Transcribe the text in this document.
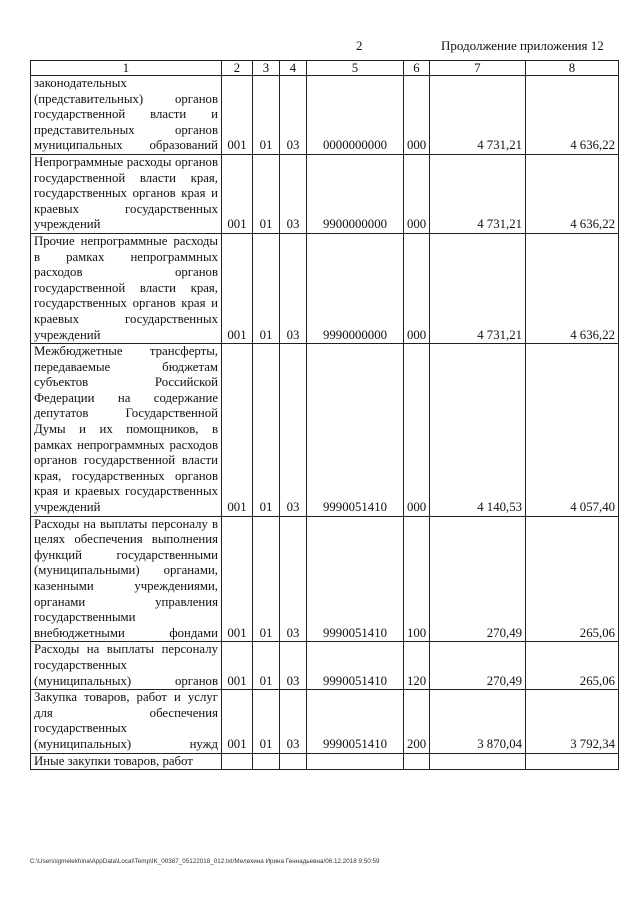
2	Продолжение приложения 12
1	2	3	4	5	6	7	8
законодательных (представительных) органов государственной власти и представительных органов муниципальных образований	001	01	03	0000000000	000	4 731,21	4 636,22
Непрограммные расходы органов государственной власти края, государственных органов края и краевых государственных учреждений	001	01	03	9900000000	000	4 731,21	4 636,22
Прочие непрограммные расходы в рамках непрограммных расходов органов государственной власти края, государственных органов края и краевых государственных учреждений	001	01	03	9990000000	000	4 731,21	4 636,22
Межбюджетные трансферты, передаваемые бюджетам субъектов Российской Федерации на содержание депутатов Государственной Думы и их помощников, в рамках непрограммных расходов органов государственной власти края, государственных органов края и краевых государственных учреждений	001	01	03	9990051410	000	4 140,53	4 057,40
Расходы на выплаты персоналу в целях обеспечения выполнения функций государственными (муниципальными) органами, казенными учреждениями, органами управления государственными внебюджетными фондами	001	01	03	9990051410	100	270,49	265,06
Расходы на выплаты персоналу государственных (муниципальных) органов	001	01	03	9990051410	120	270,49	265,06
Закупка товаров, работ и услуг для обеспечения государственных (муниципальных) нужд	001	01	03	9990051410	200	3 870,04	3 792,34
Иные закупки товаров, работ							
C:\Users\igmelekhina\AppData\Local\Temp\IK_00387_05122018_012.txt/Мелехина Ирина Геннадьевна/06.12.2018 9:50:59
